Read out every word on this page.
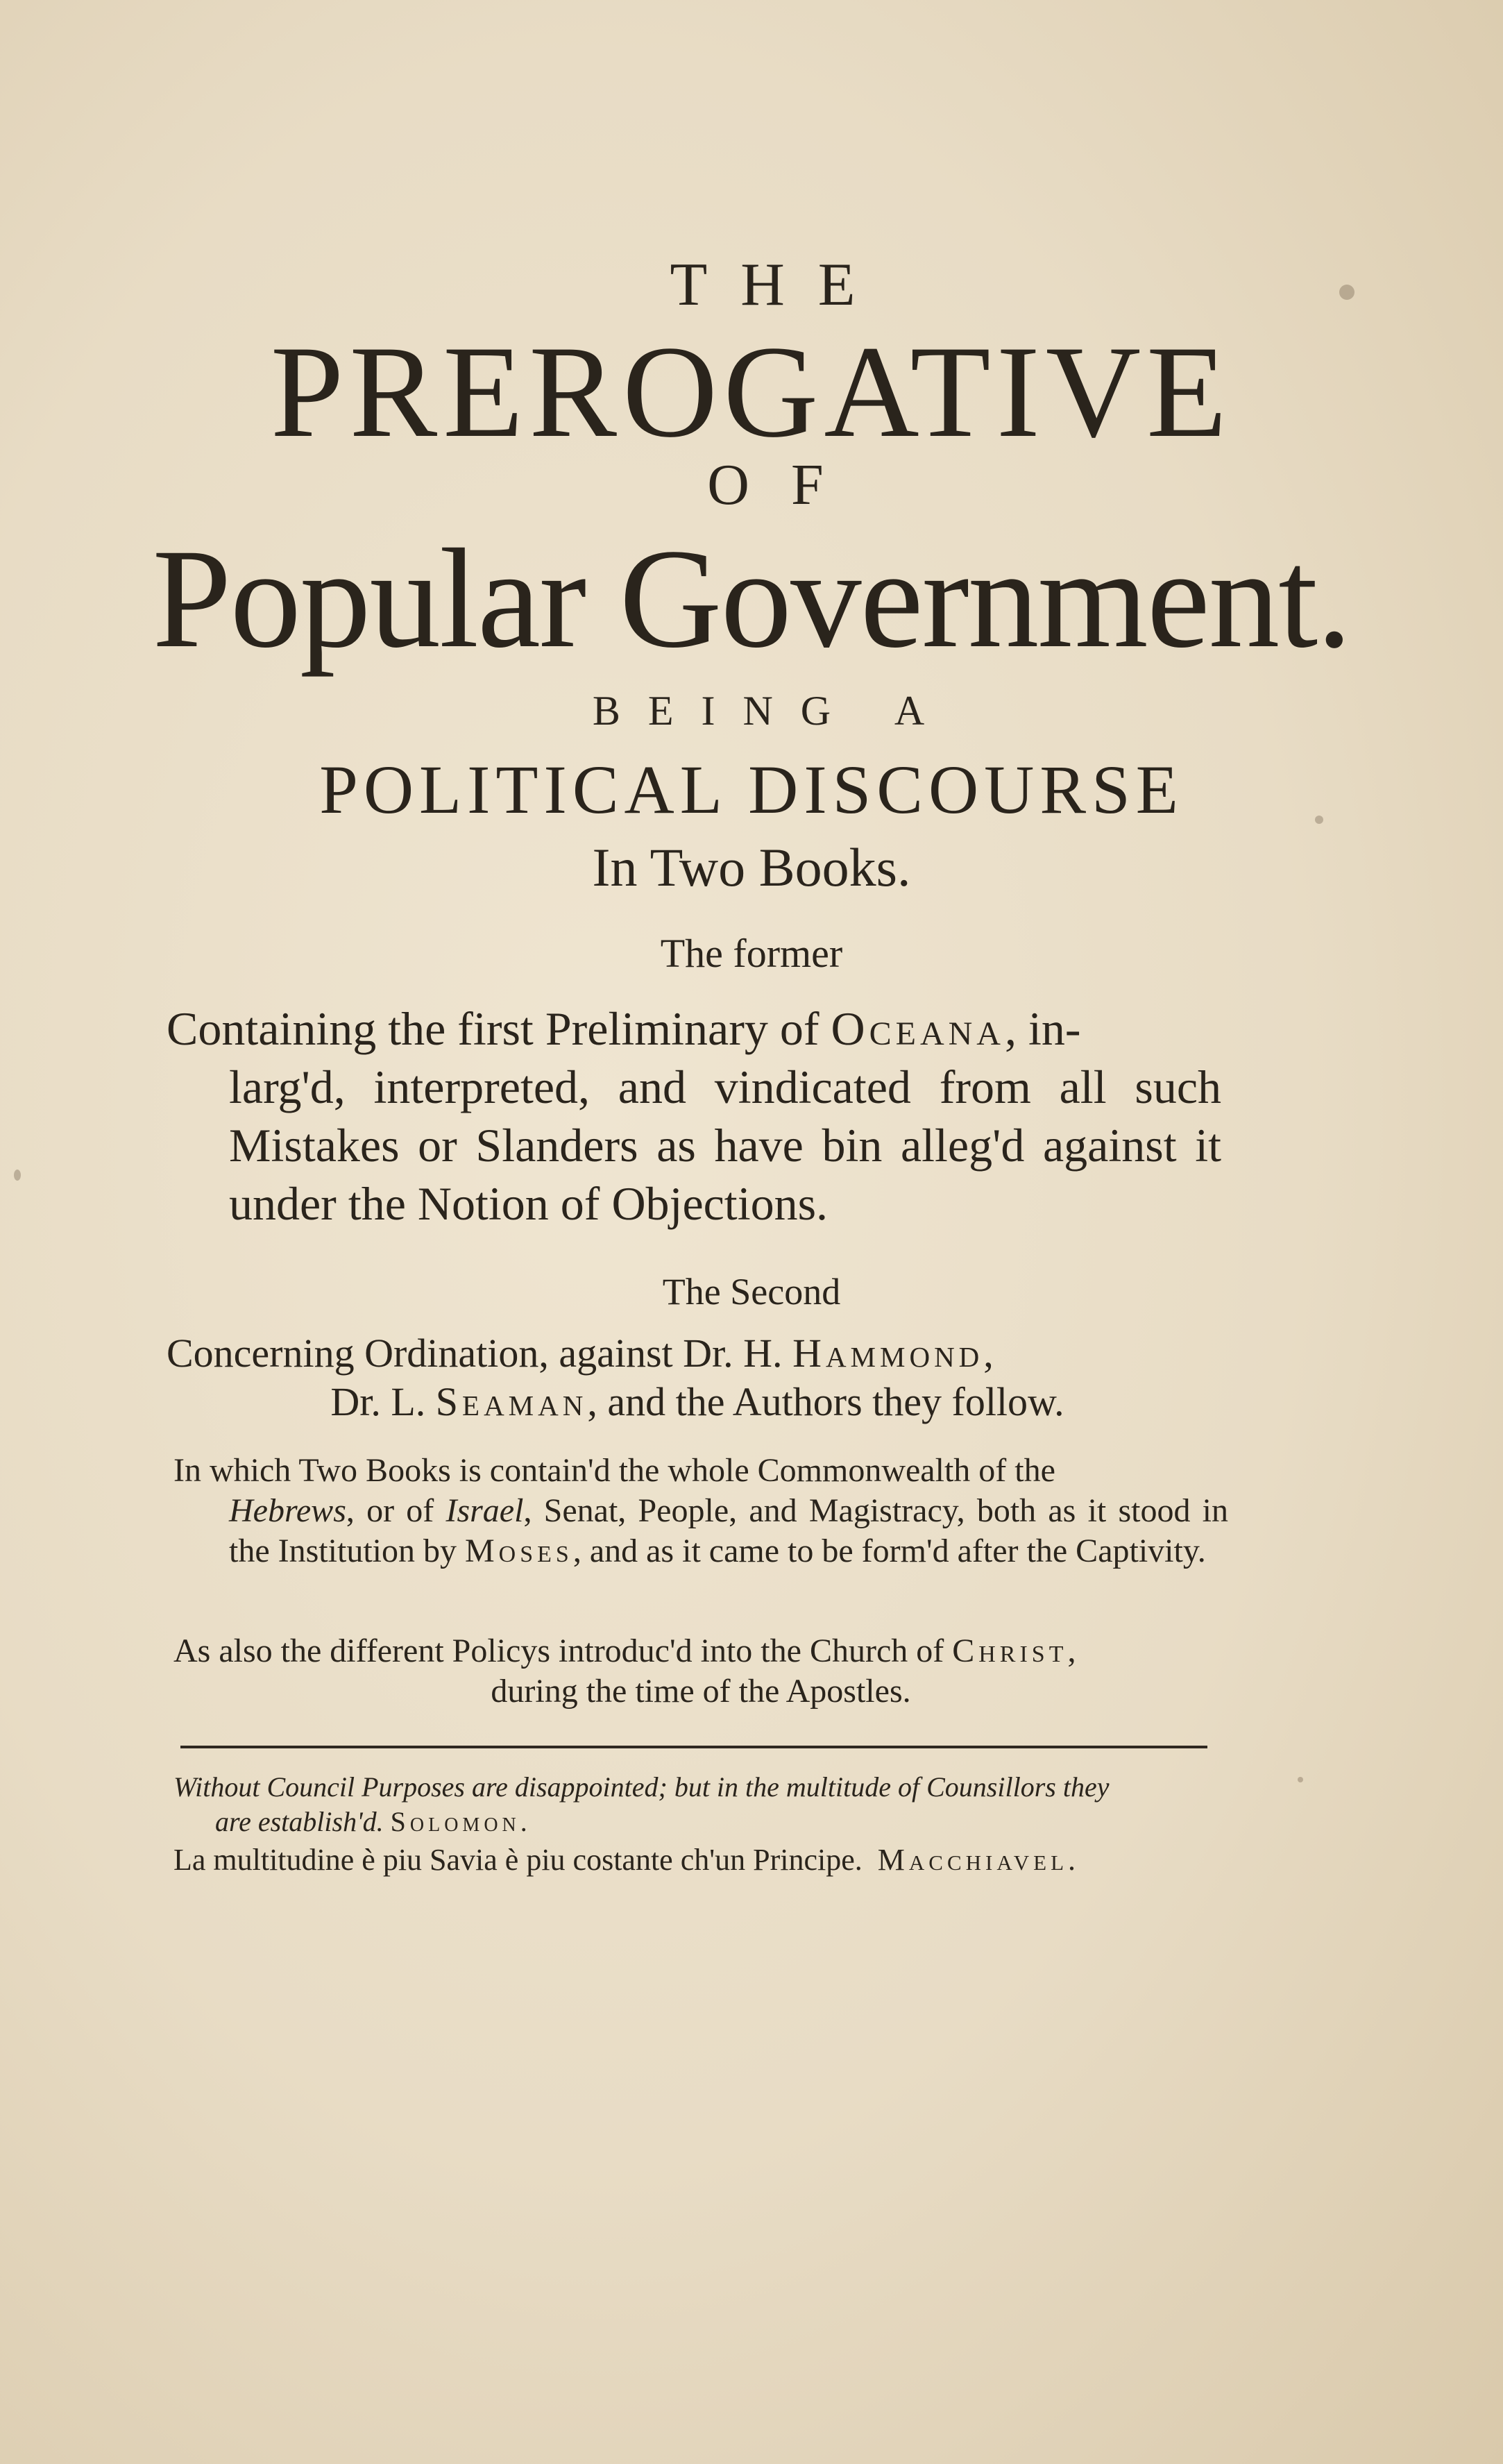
THE
PREROGATIVE
OF
Popular Government.
BEING A
POLITICAL DISCOURSE
In Two Books.
The former
Containing the first Preliminary of Oceana, in-
larg'd, interpreted, and vindicated from all such Mistakes or Slanders as have bin alleg'd against it under the Notion of Objections.
The Second
Concerning Ordination, against Dr. H. Hammond,
Dr. L. Seaman, and the Authors they follow.
In which Two Books is contain'd the whole Commonwealth of the
Hebrews, or of Israel, Senat, People, and Magistracy, both as it stood in the Institution by Moses, and as it came to be form'd after the Captivity.
As also the different Policys introduc'd into the Church of Christ,
during the time of the Apostles.
Without Council Purposes are disappointed; but in the multitude of Counsillors they
are establish'd. Solomon.
La multitudine è piu Savia è piu costante ch'un Principe. Macchiavel.
